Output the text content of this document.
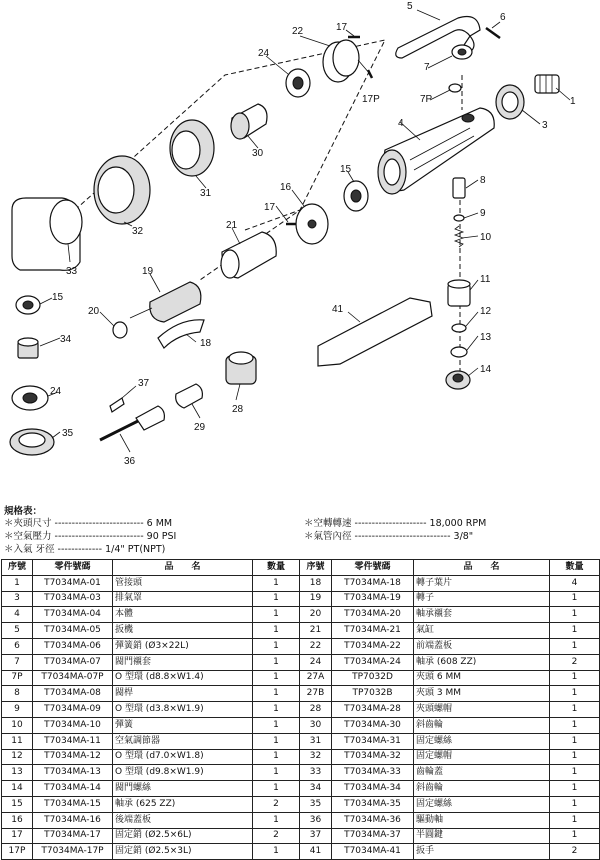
1
3
4
5
6
7
7P
8
9
10
11
12
13
14
15
16
17
17
17P
18
19
20
21
22
24
24
28
29
30
31
32
33
34
35
36
37
41
15
規格表：
＊夾頭尺寸 -------------------------- 6 MM
＊空氣壓力 -------------------------- 90 PSI
＊入氣 牙徑 ------------- 1/4" PT(NPT)
＊空轉轉速 --------------------- 18,000 RPM
＊氣管內徑 ---------------------------- 3/8"
序號	零件號碼	品　　名	數量	序號	零件號碼	品　　名	數量
1	T7034MA-01	管接頭	1	18	T7034MA-18	轉子葉片	4
3	T7034MA-03	排氣罩	1	19	T7034MA-19	轉子	1
4	T7034MA-04	本體	1	20	T7034MA-20	軸承襯套	1
5	T7034MA-05	扳機	1	21	T7034MA-21	氣缸	1
6	T7034MA-06	彈簧銷 (Ø3×22L)	1	22	T7034MA-22	前端蓋板	1
7	T7034MA-07	閥門襯套	1	24	T7034MA-24	軸承 (608 ZZ)	2
7P	T7034MA-07P	O 型環 (d8.8×W1.4)	1	27A	TP7032D	夾頭 6 MM	1
8	T7034MA-08	閥桿	1	27B	TP7032B	夾頭 3 MM	1
9	T7034MA-09	O 型環 (d3.8×W1.9)	1	28	T7034MA-28	夾頭螺帽	1
10	T7034MA-10	彈簧	1	30	T7034MA-30	斜齒輪	1
11	T7034MA-11	空氣調節器	1	31	T7034MA-31	固定螺絲	1
12	T7034MA-12	O 型環 (d7.0×W1.8)	1	32	T7034MA-32	固定螺帽	1
13	T7034MA-13	O 型環 (d9.8×W1.9)	1	33	T7034MA-33	齒輪蓋	1
14	T7034MA-14	閥門螺絲	1	34	T7034MA-34	斜齒輪	1
15	T7034MA-15	軸承 (625 ZZ)	2	35	T7034MA-35	固定螺絲	1
16	T7034MA-16	後端蓋板	1	36	T7034MA-36	驅動軸	1
17	T7034MA-17	固定銷 (Ø2.5×6L)	2	37	T7034MA-37	半圓鍵	1
17P	T7034MA-17P	固定銷 (Ø2.5×3L)	1	41	T7034MA-41	扳手	2
